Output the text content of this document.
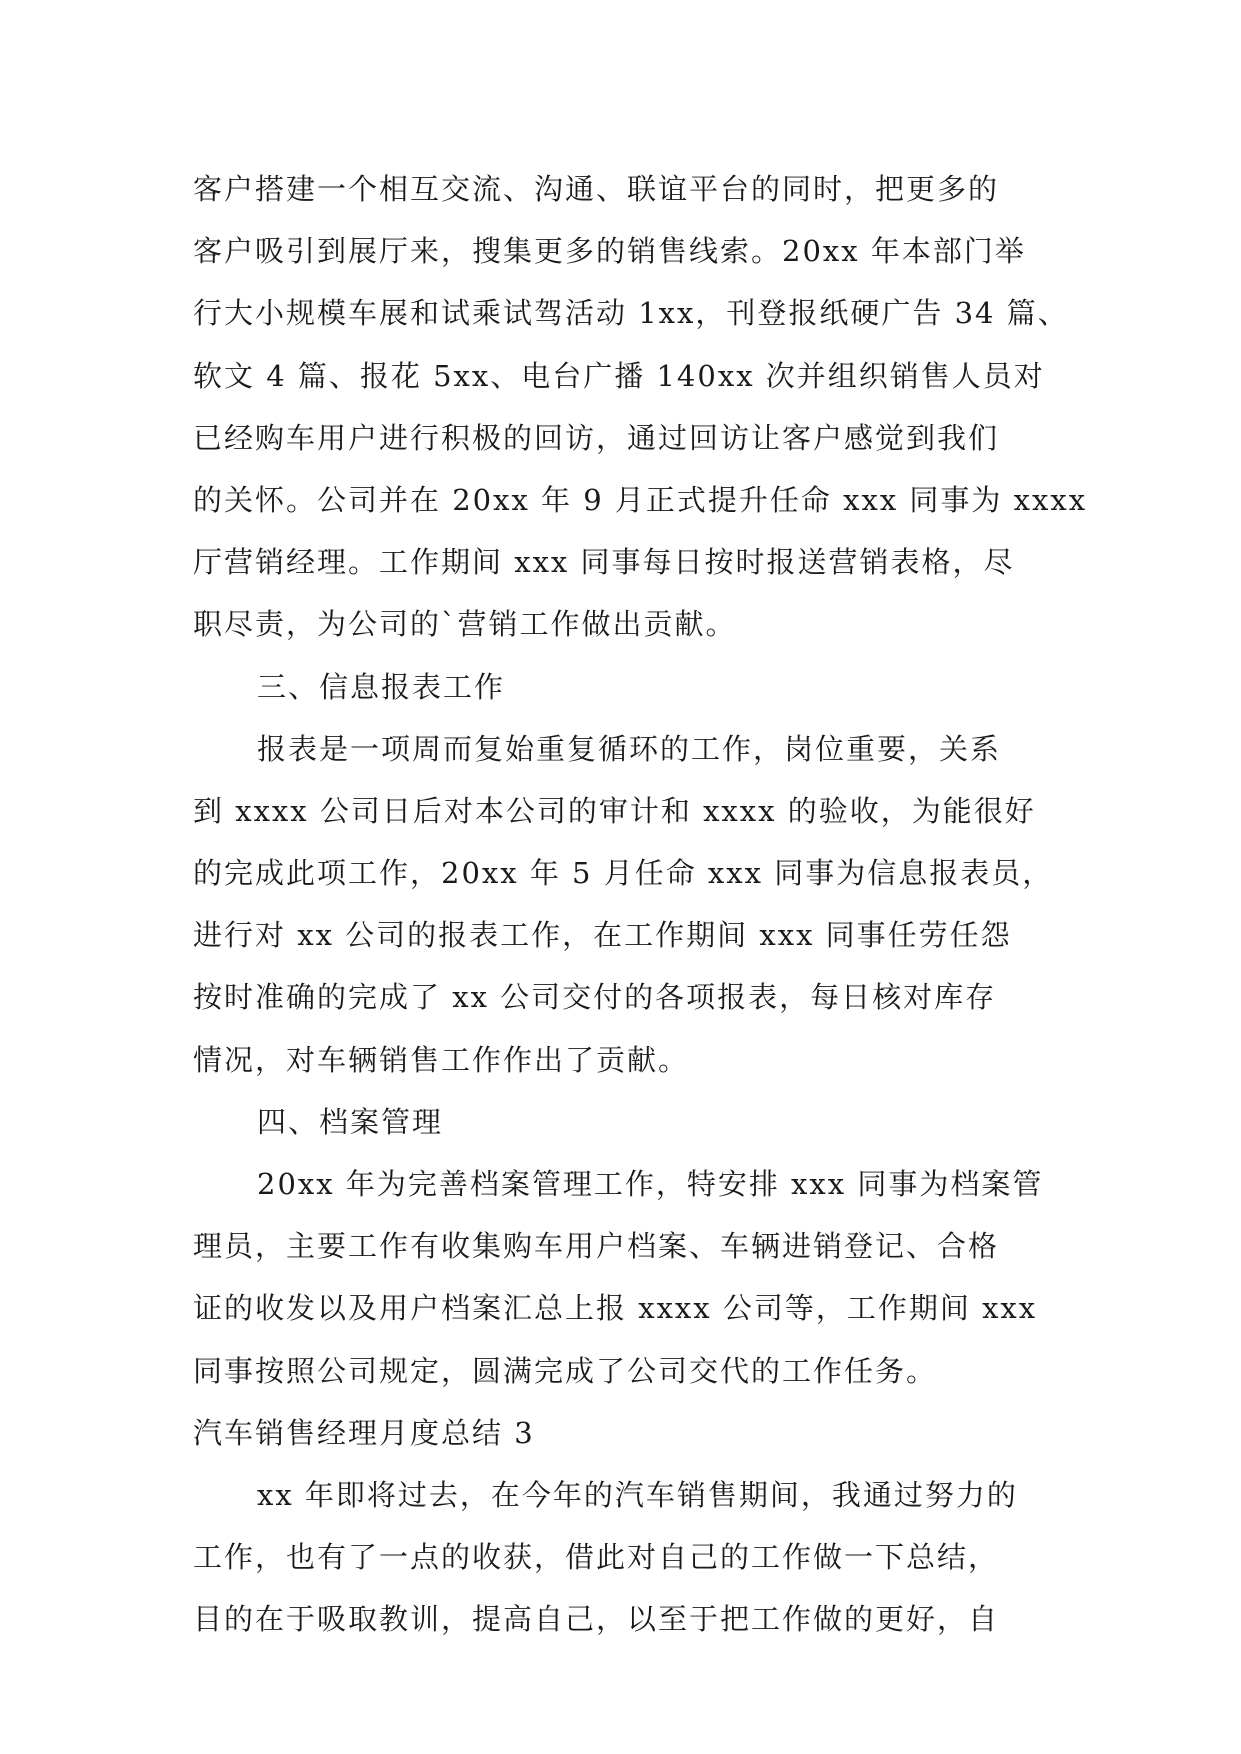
客户搭建一个相互交流、沟通、联谊平台的同时，把更多的
客户吸引到展厅来，搜集更多的销售线索。20xx 年本部门举
行大小规模车展和试乘试驾活动 1xx，刊登报纸硬广告 34 篇、
软文 4 篇、报花 5xx、电台广播 140xx 次并组织销售人员对
已经购车用户进行积极的回访，通过回访让客户感觉到我们
的关怀。公司并在 20xx 年 9 月正式提升任命 xxx 同事为 xxxx
厅营销经理。工作期间 xxx 同事每日按时报送营销表格，尽
职尽责，为公司的`营销工作做出贡献。
三、信息报表工作
报表是一项周而复始重复循环的工作，岗位重要，关系
到 xxxx 公司日后对本公司的审计和 xxxx 的验收，为能很好
的完成此项工作，20xx 年 5 月任命 xxx 同事为信息报表员，
进行对 xx 公司的报表工作，在工作期间 xxx 同事任劳任怨
按时准确的完成了 xx 公司交付的各项报表，每日核对库存
情况，对车辆销售工作作出了贡献。
四、档案管理
20xx 年为完善档案管理工作，特安排 xxx 同事为档案管
理员，主要工作有收集购车用户档案、车辆进销登记、合格
证的收发以及用户档案汇总上报 xxxx 公司等，工作期间 xxx
同事按照公司规定，圆满完成了公司交代的工作任务。
汽车销售经理月度总结 3
xx 年即将过去，在今年的汽车销售期间，我通过努力的
工作，也有了一点的收获，借此对自己的工作做一下总结，
目的在于吸取教训，提高自己，以至于把工作做的更好，自
